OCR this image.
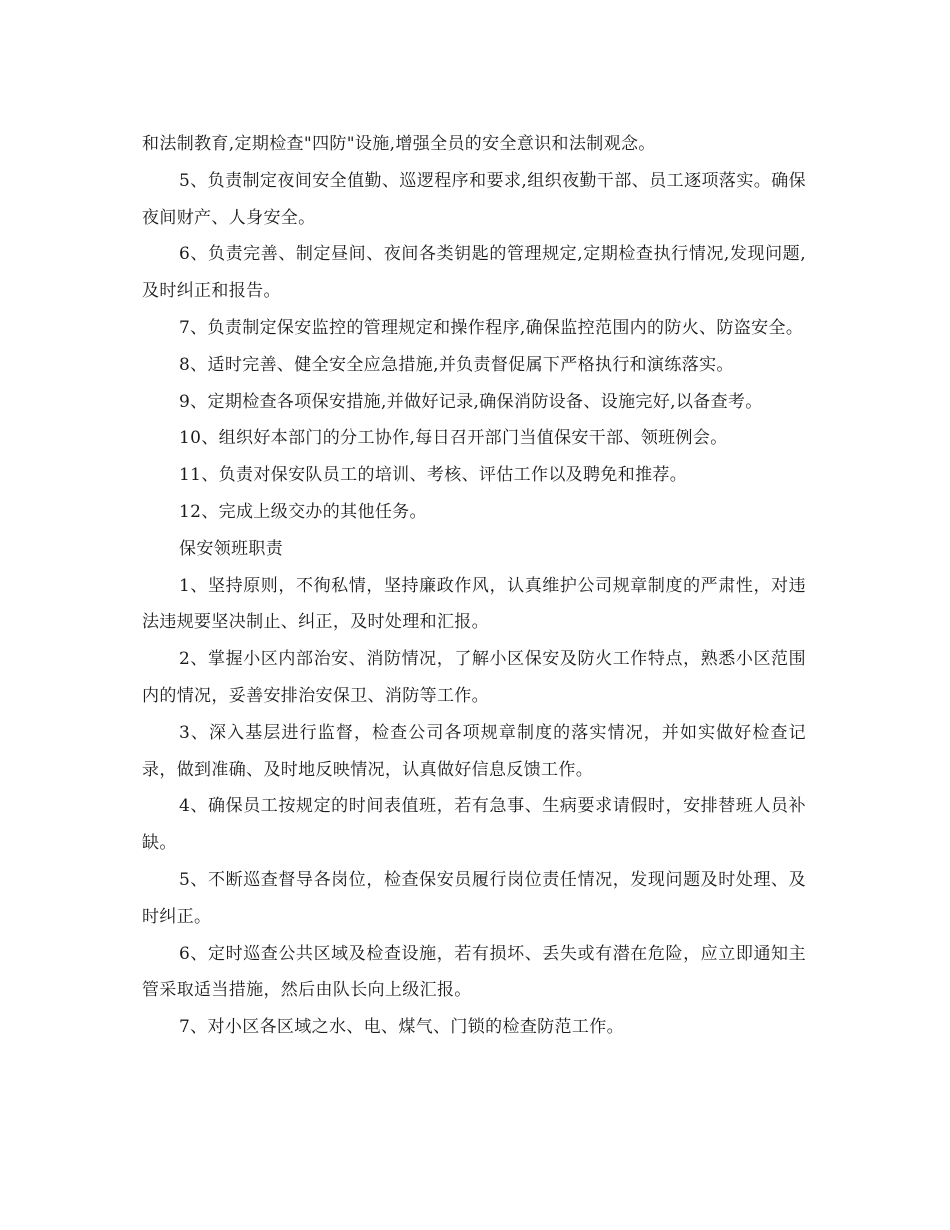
和法制教育,定期检查"四防"设施,增强全员的安全意识和法制观念。

5、负责制定夜间安全值勤、巡逻程序和要求,组织夜勤干部、员工逐项落实。确保夜间财产、人身安全。

6、负责完善、制定昼间、夜间各类钥匙的管理规定,定期检查执行情况,发现问题,及时纠正和报告。

7、负责制定保安监控的管理规定和操作程序,确保监控范围内的防火、防盗安全。

8、适时完善、健全安全应急措施,并负责督促属下严格执行和演练落实。

9、定期检查各项保安措施,并做好记录,确保消防设备、设施完好,以备查考。

10、组织好本部门的分工协作,每日召开部门当值保安干部、领班例会。

11、负责对保安队员工的培训、考核、评估工作以及聘免和推荐。

12、完成上级交办的其他任务。

保安领班职责

1、坚持原则，不徇私情，坚持廉政作风，认真维护公司规章制度的严肃性，对违法违规要坚决制止、纠正，及时处理和汇报。

2、掌握小区内部治安、消防情况，了解小区保安及防火工作特点，熟悉小区范围内的情况，妥善安排治安保卫、消防等工作。

3、深入基层进行监督，检查公司各项规章制度的落实情况，并如实做好检查记录，做到准确、及时地反映情况，认真做好信息反馈工作。

4、确保员工按规定的时间表值班，若有急事、生病要求请假时，安排替班人员补缺。

5、不断巡查督导各岗位，检查保安员履行岗位责任情况，发现问题及时处理、及时纠正。

6、定时巡查公共区域及检查设施，若有损坏、丢失或有潜在危险，应立即通知主管采取适当措施，然后由队长向上级汇报。

7、对小区各区域之水、电、煤气、门锁的检查防范工作。
